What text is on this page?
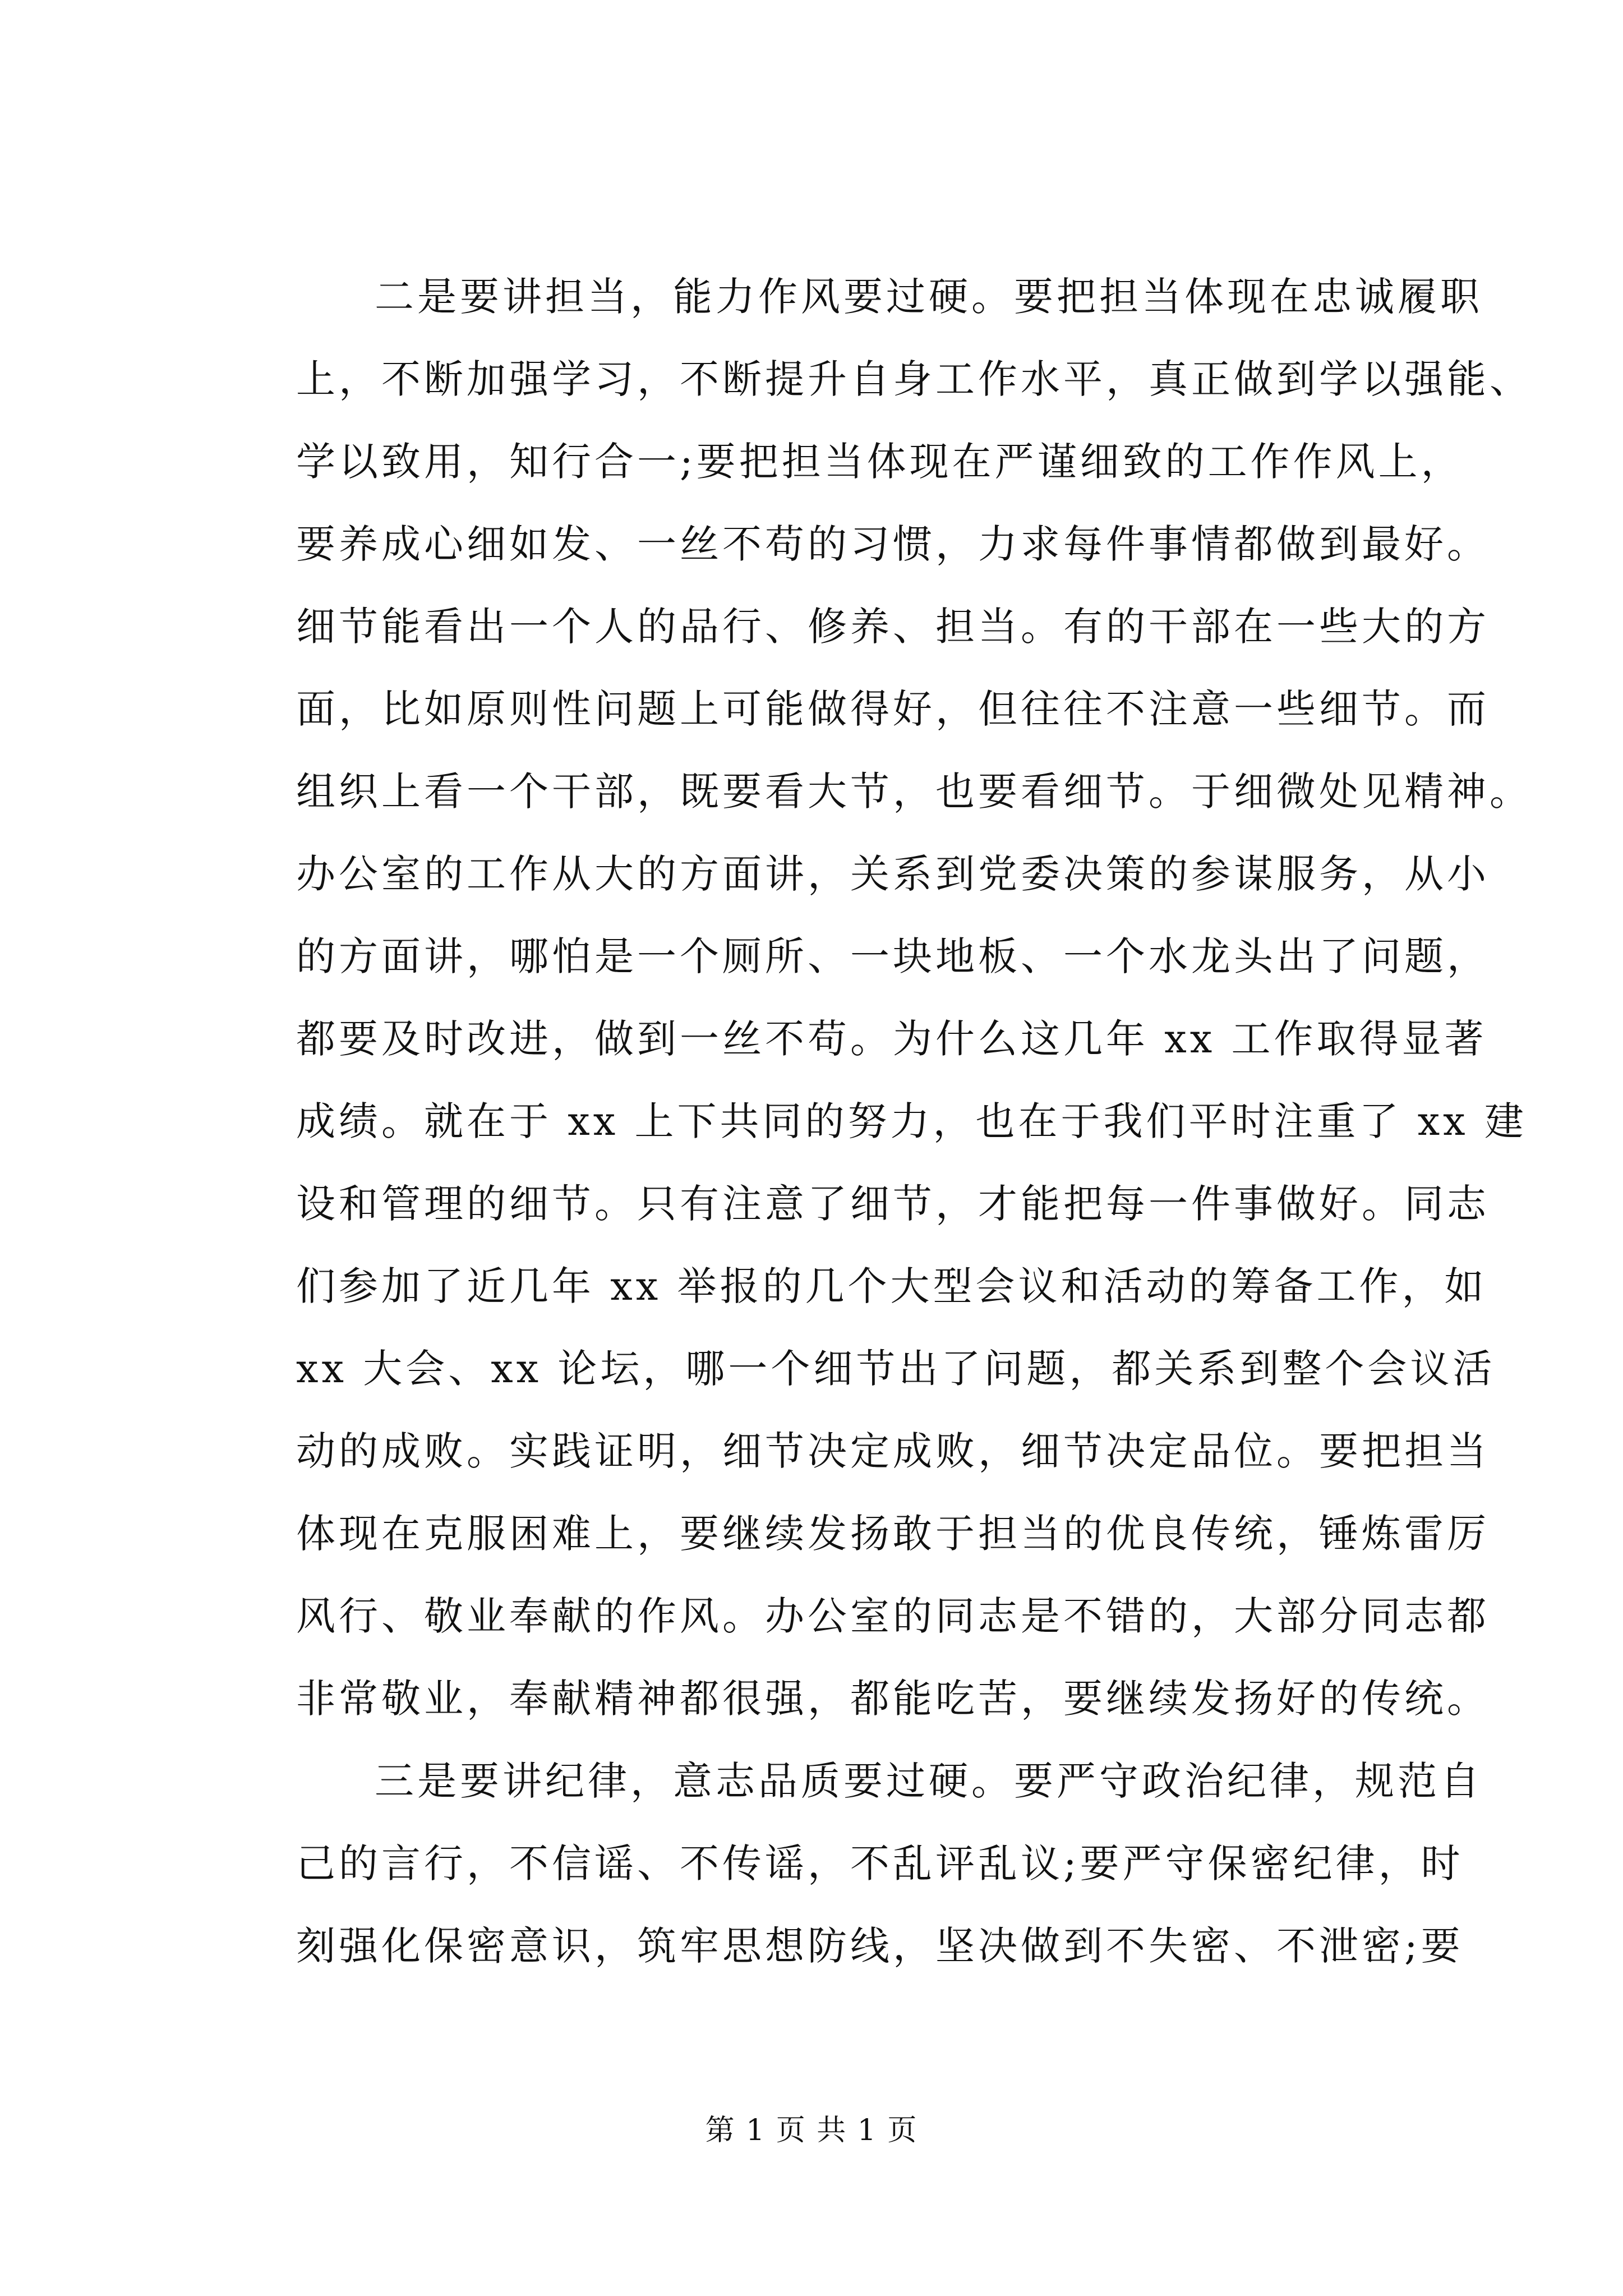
二是要讲担当，能力作风要过硬。要把担当体现在忠诚履职
上，不断加强学习，不断提升自身工作水平，真正做到学以强能、
学以致用，知行合一;要把担当体现在严谨细致的工作作风上，
要养成心细如发、一丝不苟的习惯，力求每件事情都做到最好。
细节能看出一个人的品行、修养、担当。有的干部在一些大的方
面，比如原则性问题上可能做得好，但往往不注意一些细节。而
组织上看一个干部，既要看大节，也要看细节。于细微处见精神。
办公室的工作从大的方面讲，关系到党委决策的参谋服务，从小
的方面讲，哪怕是一个厕所、一块地板、一个水龙头出了问题，
都要及时改进，做到一丝不苟。为什么这几年 xx 工作取得显著
成绩。就在于 xx 上下共同的努力，也在于我们平时注重了 xx 建
设和管理的细节。只有注意了细节，才能把每一件事做好。同志
们参加了近几年 xx 举报的几个大型会议和活动的筹备工作，如
xx 大会、xx 论坛，哪一个细节出了问题，都关系到整个会议活
动的成败。实践证明，细节决定成败，细节决定品位。要把担当
体现在克服困难上，要继续发扬敢于担当的优良传统，锤炼雷厉
风行、敬业奉献的作风。办公室的同志是不错的，大部分同志都
非常敬业，奉献精神都很强，都能吃苦，要继续发扬好的传统。
三是要讲纪律，意志品质要过硬。要严守政治纪律，规范自
己的言行，不信谣、不传谣，不乱评乱议;要严守保密纪律，时
刻强化保密意识，筑牢思想防线，坚决做到不失密、不泄密;要
第 1 页 共 1 页
